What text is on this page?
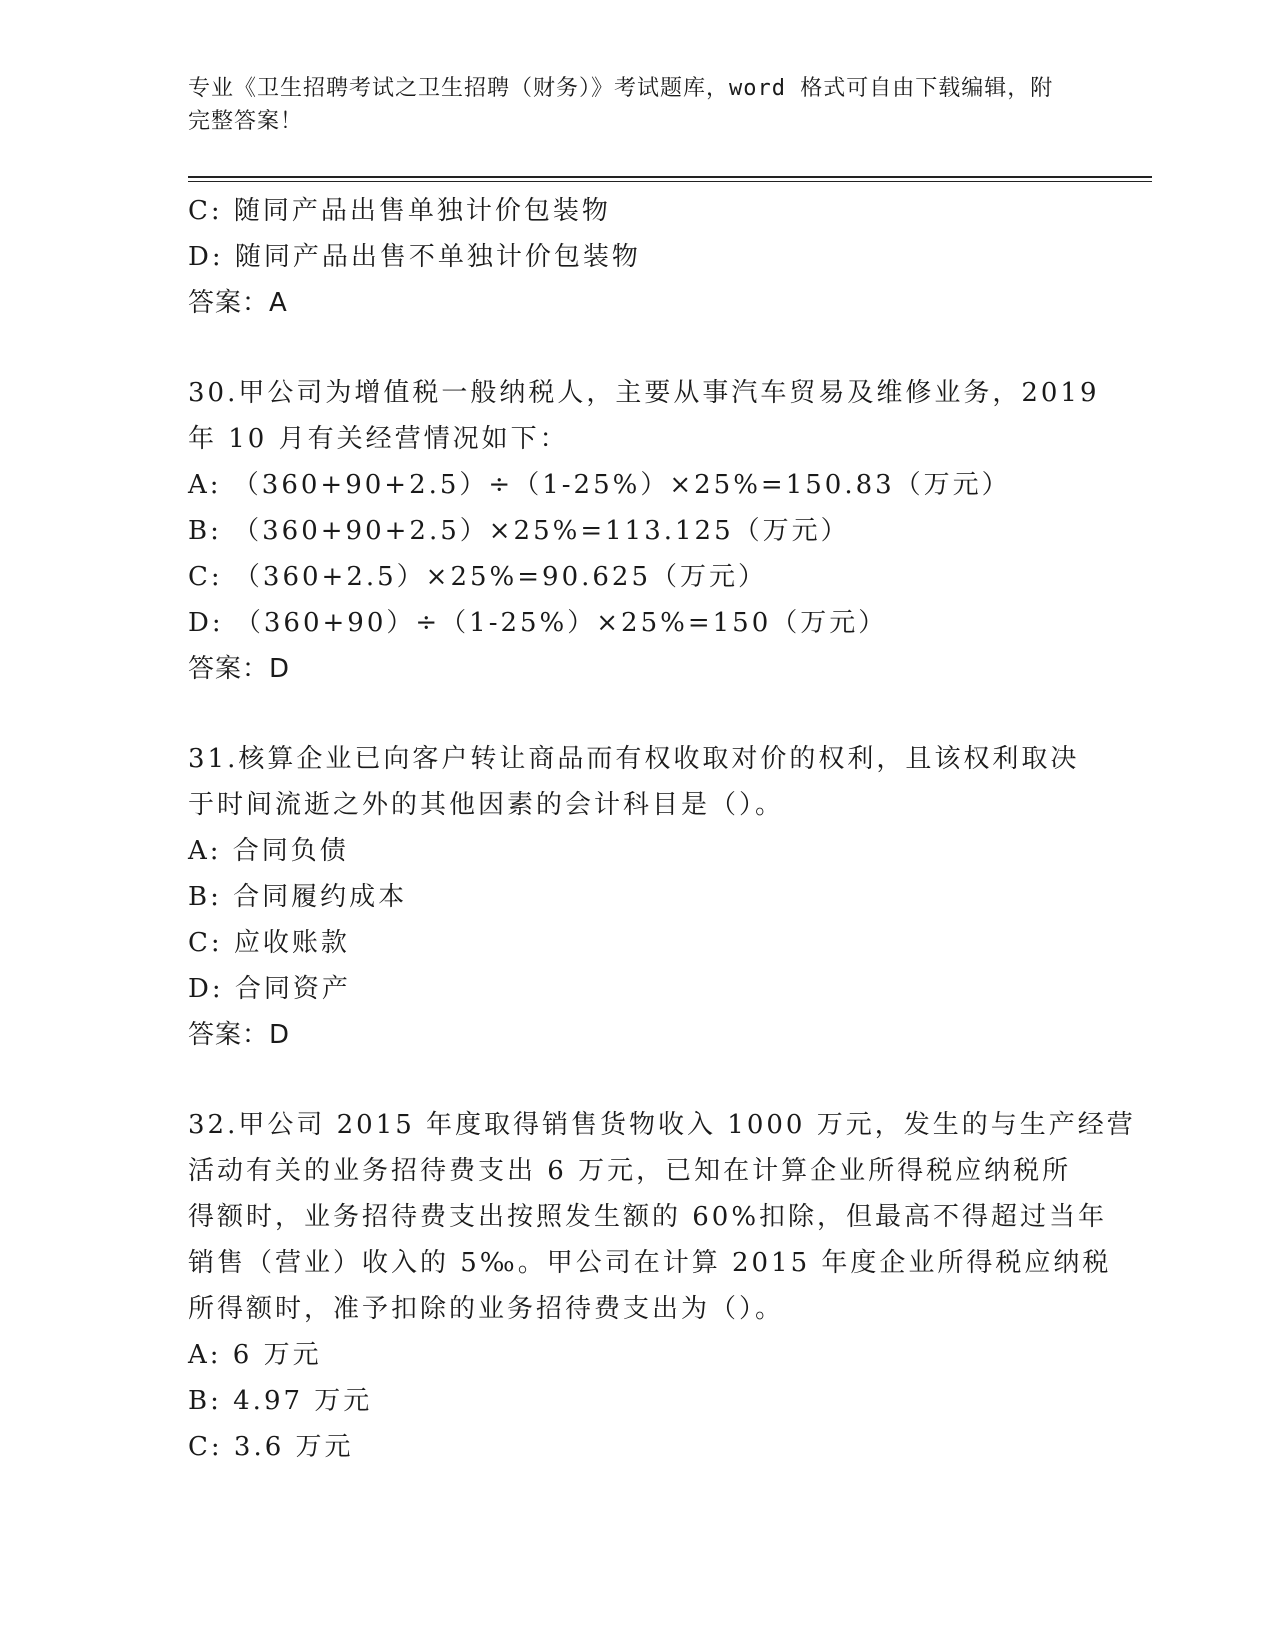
专业《卫生招聘考试之卫生招聘（财务）》考试题库，word 格式可自由下载编辑，附完整答案！
C: 随同产品出售单独计价包装物
D: 随同产品出售不单独计价包装物
答案：A
30.甲公司为增值税一般纳税人，主要从事汽车贸易及维修业务，2019
年 10 月有关经营情况如下：
A: （360+90+2.5）÷（1-25%）×25%=150.83（万元）
B: （360+90+2.5）×25%=113.125（万元）
C: （360+2.5）×25%=90.625（万元）
D: （360+90）÷（1-25%）×25%=150（万元）
答案：D
31.核算企业已向客户转让商品而有权收取对价的权利，且该权利取决
于时间流逝之外的其他因素的会计科目是（）。
A: 合同负债
B: 合同履约成本
C: 应收账款
D: 合同资产
答案：D
32.甲公司 2015 年度取得销售货物收入 1000 万元，发生的与生产经营
活动有关的业务招待费支出 6 万元，已知在计算企业所得税应纳税所
得额时，业务招待费支出按照发生额的 60%扣除，但最高不得超过当年
销售（营业）收入的 5‰。甲公司在计算 2015 年度企业所得税应纳税
所得额时，准予扣除的业务招待费支出为（）。
A: 6 万元
B: 4.97 万元
C: 3.6 万元
